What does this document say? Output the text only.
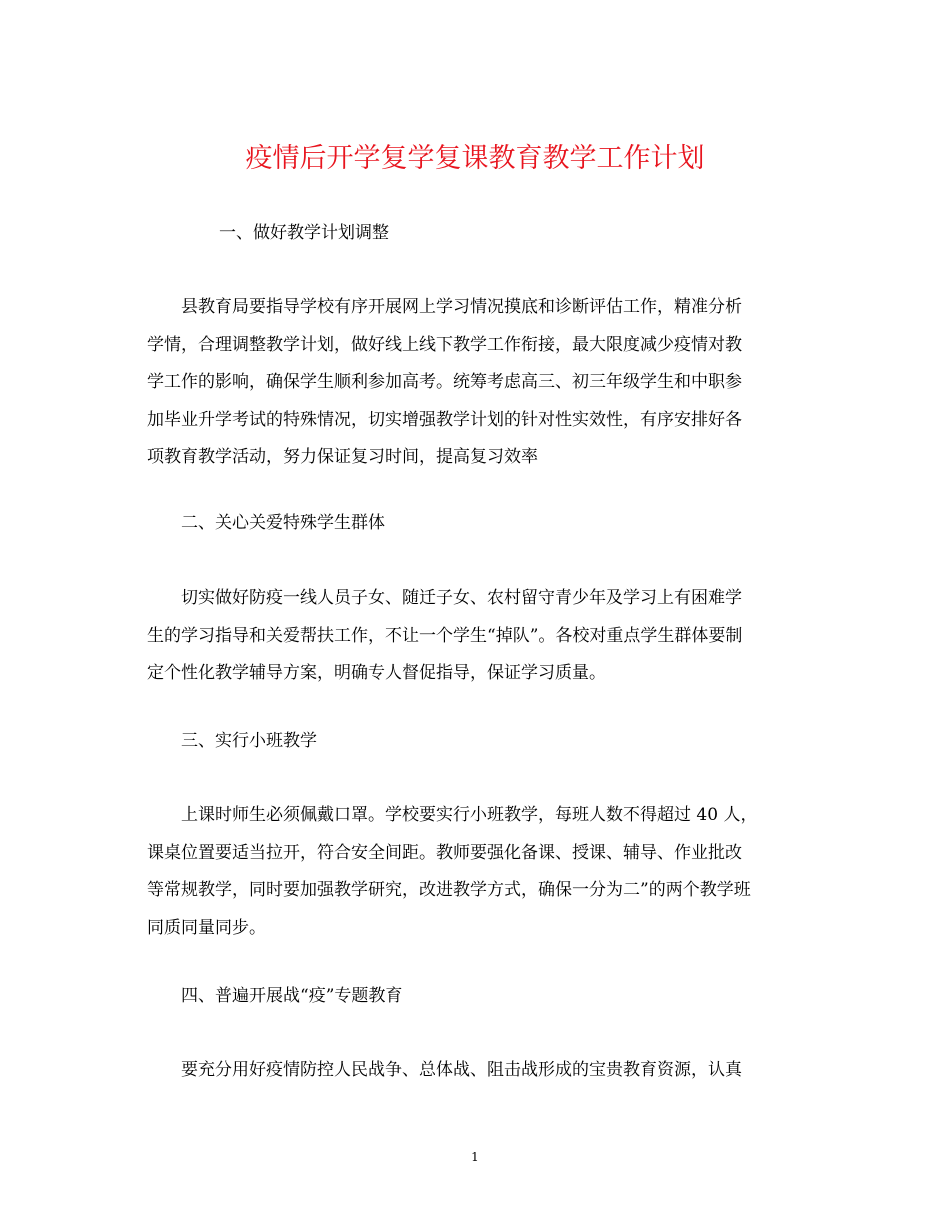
疫情后开学复学复课教育教学工作计划
一、做好教学计划调整
县教育局要指导学校有序开展网上学习情况摸底和诊断评估工作，精准分析
学情，合理调整教学计划，做好线上线下教学工作衔接，最大限度减少疫情对教
学工作的影响，确保学生顺利参加高考。统筹考虑高三、初三年级学生和中职参
加毕业升学考试的特殊情况，切实增强教学计划的针对性实效性，有序安排好各
项教育教学活动，努力保证复习时间，提高复习效率
二、关心关爱特殊学生群体
切实做好防疫一线人员子女、随迁子女、农村留守青少年及学习上有困难学
生的学习指导和关爱帮扶工作，不让一个学生“掉队”。各校对重点学生群体要制
定个性化教学辅导方案，明确专人督促指导，保证学习质量。
三、实行小班教学
上课时师生必须佩戴口罩。学校要实行小班教学，每班人数不得超过 40 人，
课桌位置要适当拉开，符合安全间距。教师要强化备课、授课、辅导、作业批改
等常规教学，同时要加强教学研究，改进教学方式，确保一分为二”的两个教学班
同质同量同步。
四、普遍开展战“疫”专题教育
要充分用好疫情防控人民战争、总体战、阻击战形成的宝贵教育资源，认真
1
